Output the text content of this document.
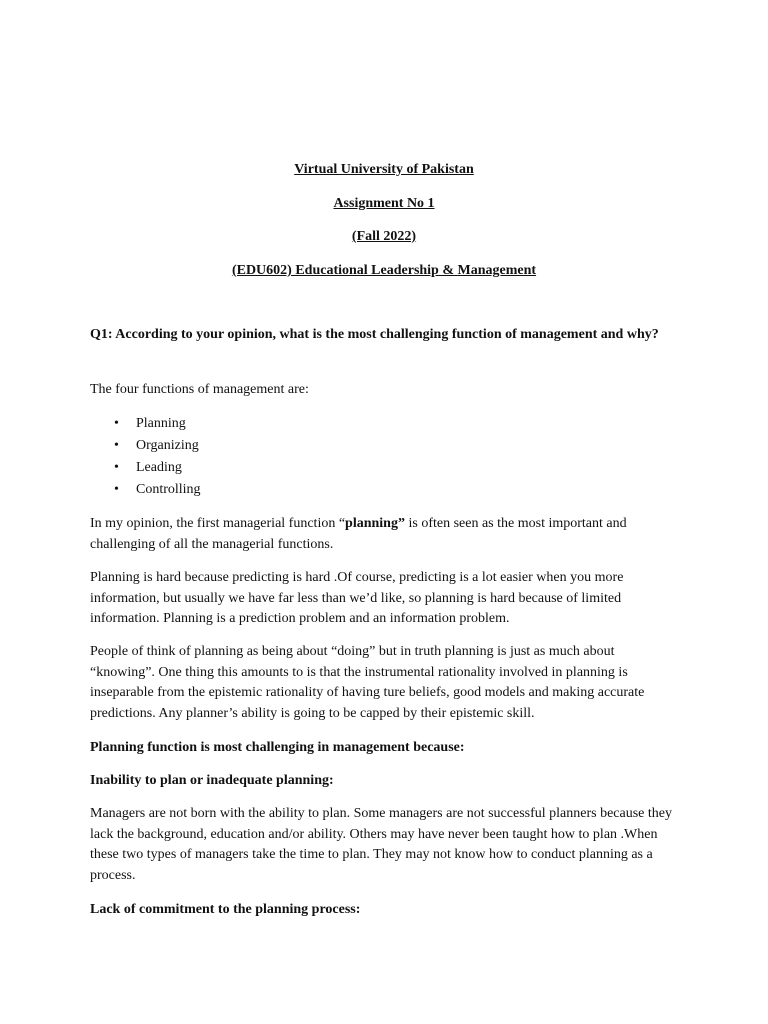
Virtual University of Pakistan

Assignment No 1

(Fall 2022)

(EDU602) Educational Leadership & Management

Q1: According to your opinion, what is the most challenging function of management and why?

The four functions of management are:

• Planning
• Organizing
• Leading
• Controlling

In my opinion, the first managerial function “planning” is often seen as the most important and challenging of all the managerial functions.

Planning is hard because predicting is hard .Of course, predicting is a lot easier when you more information, but usually we have far less than we’d like, so planning is hard because of limited information. Planning is a prediction problem and an information problem.

People of think of planning as being about “doing” but in truth planning is just as much about “knowing”. One thing this amounts to is that the instrumental rationality involved in planning is inseparable from the epistemic rationality of having ture beliefs, good models and making accurate predictions. Any planner’s ability is going to be capped by their epistemic skill.

Planning function is most challenging in management because:

Inability to plan or inadequate planning:

Managers are not born with the ability to plan. Some managers are not successful planners because they lack the background, education and/or ability. Others may have never been taught how to plan .When these two types of managers take the time to plan. They may not know how to conduct planning as a process.

Lack of commitment to the planning process:
